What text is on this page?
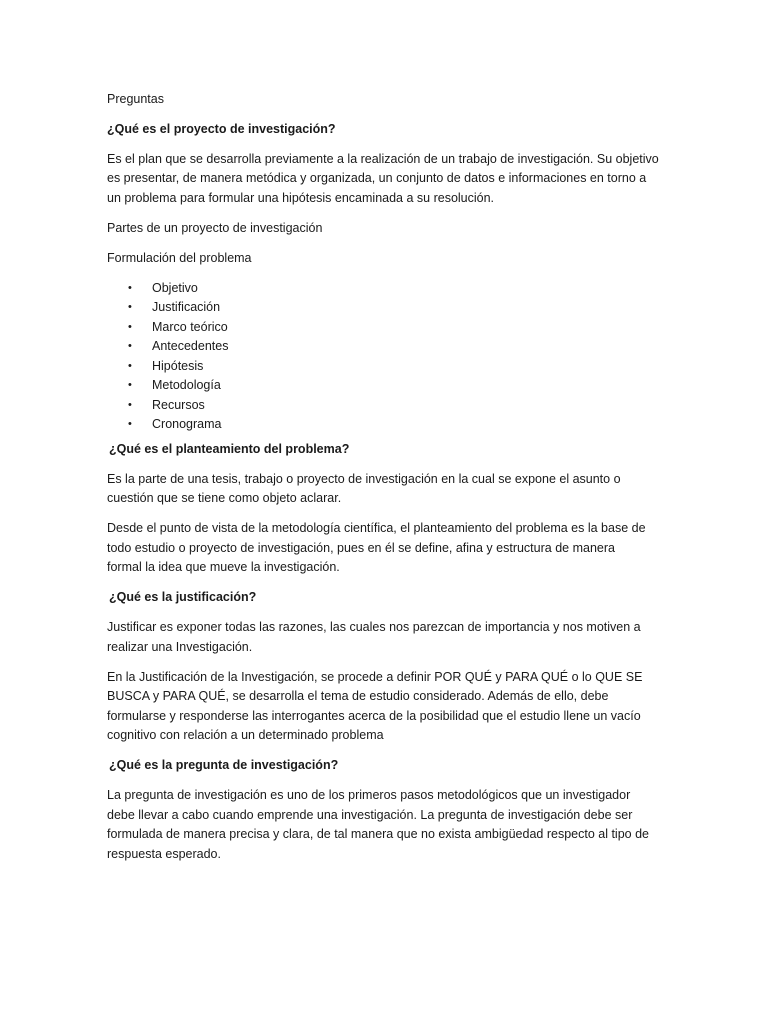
Preguntas

¿Qué es el proyecto de investigación?

Es el plan que se desarrolla previamente a la realización de un trabajo de investigación. Su objetivo
es presentar, de manera metódica y organizada, un conjunto de datos e informaciones en torno a
un problema para formular una hipótesis encaminada a su resolución.

Partes de un proyecto de investigación

Formulación del problema

• Objetivo
• Justificación
• Marco teórico
• Antecedentes
• Hipótesis
• Metodología
• Recursos
• Cronograma

¿Qué es el planteamiento del problema?

Es la parte de una tesis, trabajo o proyecto de investigación en la cual se expone el asunto o
cuestión que se tiene como objeto aclarar.

Desde el punto de vista de la metodología científica, el planteamiento del problema es la base de
todo estudio o proyecto de investigación, pues en él se define, afina y estructura de manera
formal la idea que mueve la investigación.

¿Qué es la justificación?

Justificar es exponer todas las razones, las cuales nos parezcan de importancia y nos motiven a
realizar una Investigación.

En la Justificación de la Investigación, se procede a definir POR QUÉ y PARA QUÉ o lo QUE SE
BUSCA y PARA QUÉ, se desarrolla el tema de estudio considerado. Además de ello, debe
formularse y responderse las interrogantes acerca de la posibilidad que el estudio llene un vacío
cognitivo con relación a un determinado problema

¿Qué es la pregunta de investigación?

La pregunta de investigación es uno de los primeros pasos metodológicos que un investigador
debe llevar a cabo cuando emprende una investigación. La pregunta de investigación debe ser
formulada de manera precisa y clara, de tal manera que no exista ambigüedad respecto al tipo de
respuesta esperado.
